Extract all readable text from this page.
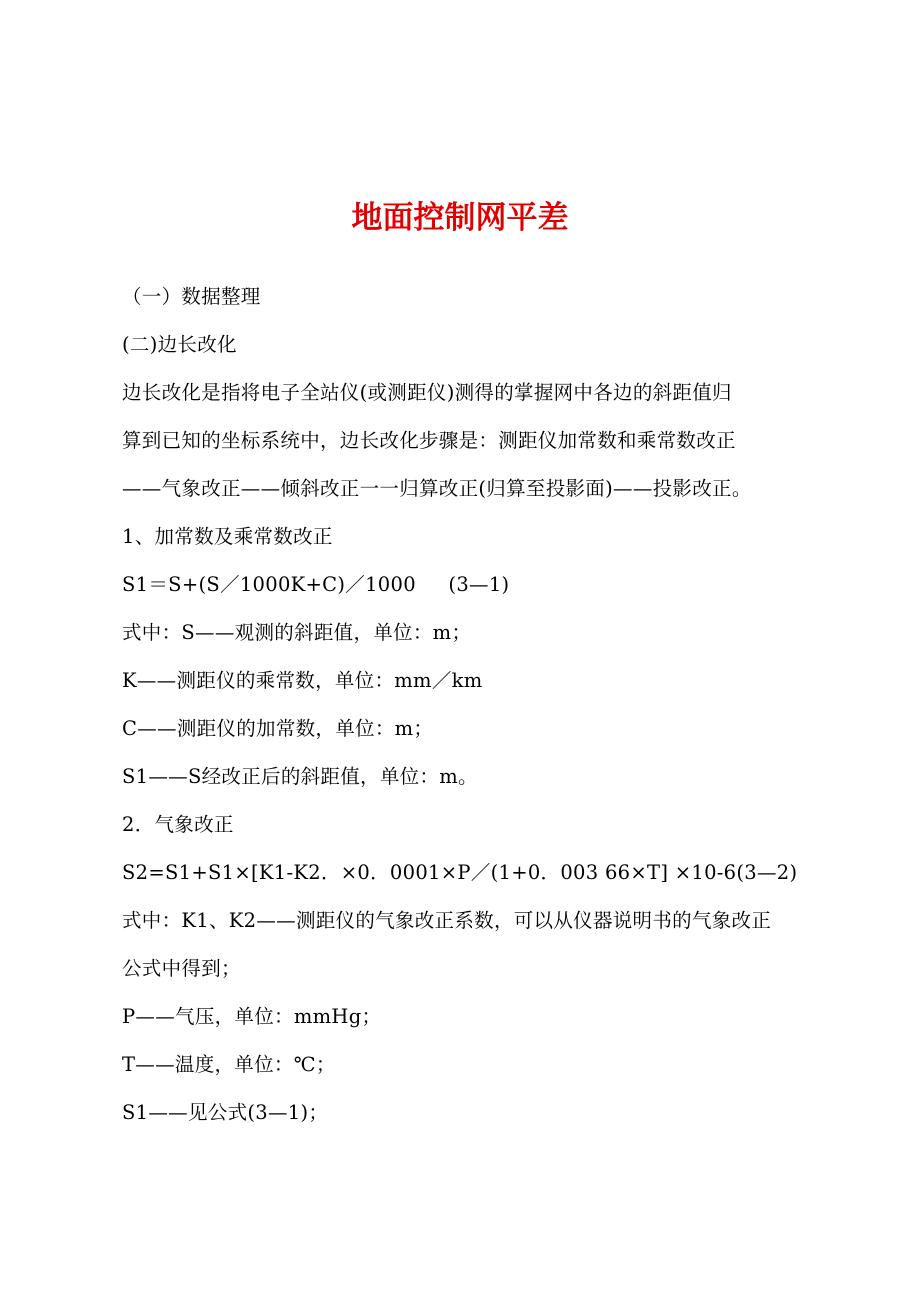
地面控制网平差

（一）数据整理

(二)边长改化

边长改化是指将电子全站仪(或测距仪)测得的掌握网中各边的斜距值归

算到已知的坐标系统中，边长改化步骤是：测距仪加常数和乘常数改正

——气象改正——倾斜改正一一归算改正(归算至投影面)——投影改正。

1、加常数及乘常数改正

S1＝S+(S／1000K+C)／1000     (3—1)

式中：S——观测的斜距值，单位：m；

K——测距仪的乘常数，单位：mm／km

C——测距仪的加常数，单位：m；

S1——S经改正后的斜距值，单位：m。

2．气象改正

S2=S1+S1×[K1-K2．×0．0001×P／(1+0．003 66×T] ×10-6(3—2)

式中：K1、K2——测距仪的气象改正系数，可以从仪器说明书的气象改正

公式中得到；

P——气压，单位：mmHg；

T——温度，单位：℃；

S1——见公式(3—1)；
